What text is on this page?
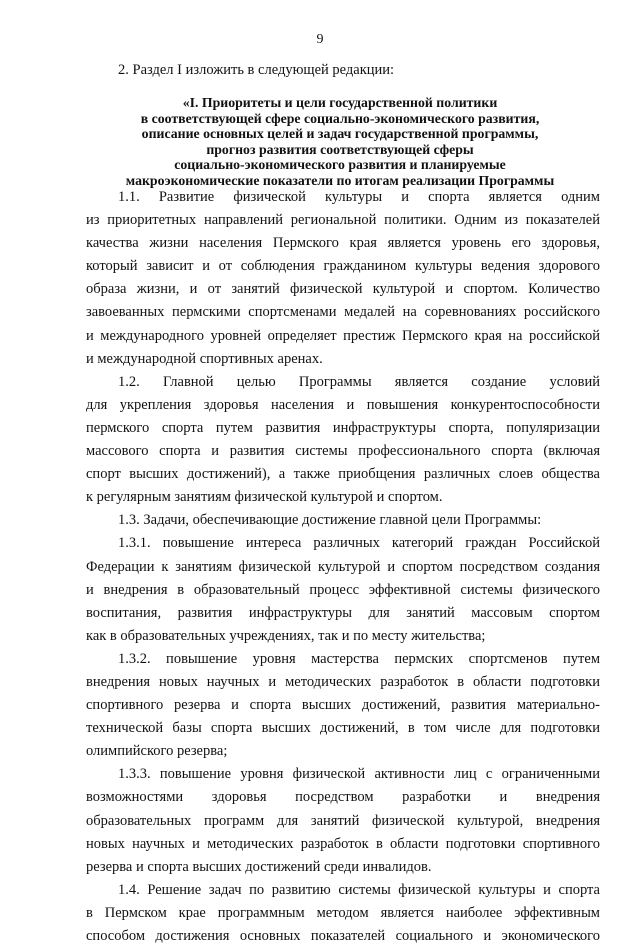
9
2. Раздел I изложить в следующей редакции:
«I. Приоритеты и цели государственной политики
в соответствующей сфере социально-экономического развития,
описание основных целей и задач государственной программы,
прогноз развития соответствующей сферы
социально-экономического развития и планируемые
макроэкономические показатели по итогам реализации Программы
1.1. Развитие физической культуры и спорта является одним
из приоритетных направлений региональной политики. Одним из показателей
качества жизни населения Пермского края является уровень его здоровья,
который зависит и от соблюдения гражданином культуры ведения здорового
образа жизни, и от занятий физической культурой и спортом. Количество
завоеванных пермскими спортсменами медалей на соревнованиях российского
и международного уровней определяет престиж Пермского края на российской
и международной спортивных аренах.
1.2. Главной целью Программы является создание условий
для укрепления здоровья населения и повышения конкурентоспособности
пермского спорта путем развития инфраструктуры спорта, популяризации
массового спорта и развития системы профессионального спорта (включая
спорт высших достижений), а также приобщения различных слоев общества
к регулярным занятиям физической культурой и спортом.
1.3. Задачи, обеспечивающие достижение главной цели Программы:
1.3.1. повышение интереса различных категорий граждан Российской
Федерации к занятиям физической культурой и спортом посредством создания
и внедрения в образовательный процесс эффективной системы физического
воспитания, развития инфраструктуры для занятий массовым спортом
как в образовательных учреждениях, так и по месту жительства;
1.3.2. повышение уровня мастерства пермских спортсменов путем
внедрения новых научных и методических разработок в области подготовки
спортивного резерва и спорта высших достижений, развития материально-
технической базы спорта высших достижений, в том числе для подготовки
олимпийского резерва;
1.3.3. повышение уровня физической активности лиц с ограниченными
возможностями здоровья посредством разработки и внедрения
образовательных программ для занятий физической культурой, внедрения
новых научных и методических разработок в области подготовки спортивного
резерва и спорта высших достижений среди инвалидов.
1.4. Решение задач по развитию системы физической культуры и спорта
в Пермском крае программным методом является наиболее эффективным
способом достижения основных показателей социального и экономического
